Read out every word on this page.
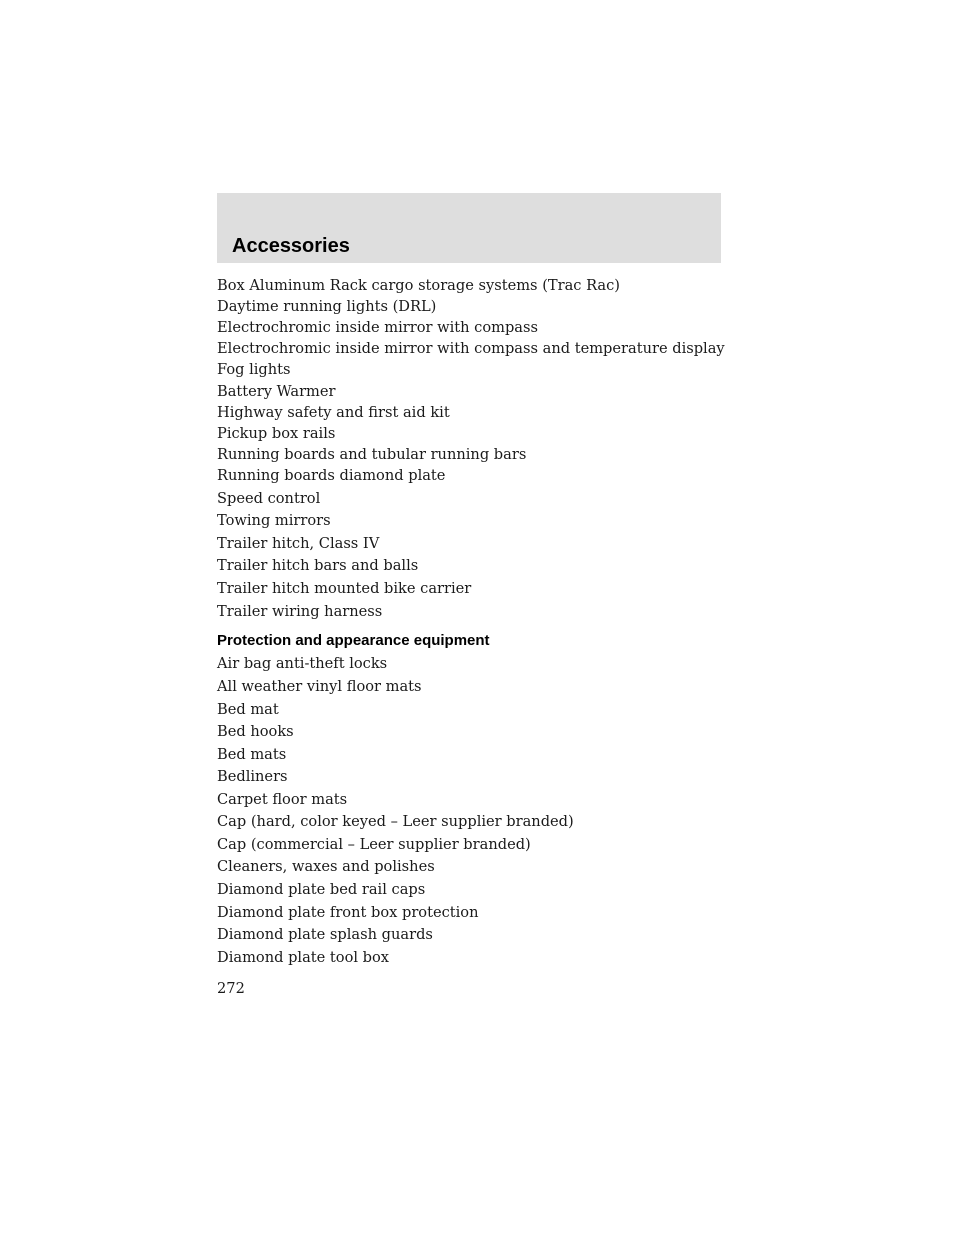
Accessories

Box Aluminum Rack cargo storage systems (Trac Rac)

Daytime running lights (DRL)

Electrochromic inside mirror with compass

Electrochromic inside mirror with compass and temperature display

Fog lights

Battery Warmer

Highway safety and first aid kit

Pickup box rails

Running boards and tubular running bars

Running boards diamond plate

Speed control

Towing mirrors

Trailer hitch, Class IV

Trailer hitch bars and balls

Trailer hitch mounted bike carrier

Trailer wiring harness

Protection and appearance equipment

Air bag anti-theft locks

All weather vinyl floor mats

Bed mat

Bed hooks

Bed mats

Bedliners

Carpet floor mats

Cap (hard, color keyed – Leer supplier branded)

Cap (commercial – Leer supplier branded)

Cleaners, waxes and polishes

Diamond plate bed rail caps

Diamond plate front box protection

Diamond plate splash guards

Diamond plate tool box

272
